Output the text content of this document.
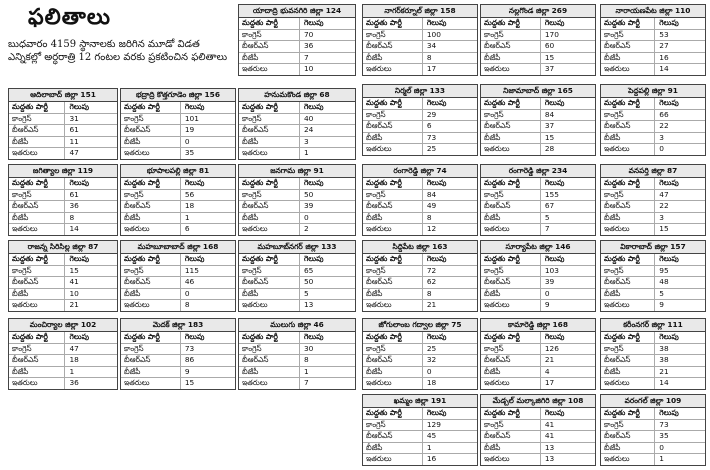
ఫలితాలు
బుధవారం 4159 స్థానాలకు జరిగిన మూడో విడత ఎన్నికల్లో అర్ధరాత్రి 12 గంటల వరకు ప్రకటించిన ఫలితాలు
యాదాద్రి భువనగిరి జిల్లా 124
మద్దతు పార్టీ	గెలుపు
కాంగ్రెస్	70
బీఆర్ఎస్	36
బీజేపీ	7
ఇతరులు	10
నాగర్‌కర్నూల్ జిల్లా 158
మద్దతు పార్టీ	గెలుపు
కాంగ్రెస్	100
బీఆర్ఎస్	34
బీజేపీ	8
ఇతరులు	17
నల్లగొండ జిల్లా 269
మద్దతు పార్టీ	గెలుపు
కాంగ్రెస్	170
బీఆర్ఎస్	60
బీజేపీ	15
ఇతరులు	37
నారాయణపేట జిల్లా 110
మద్దతు పార్టీ	గెలుపు
కాంగ్రెస్	53
బీఆర్ఎస్	27
బీజేపీ	16
ఇతరులు	14
ఆదిలాబాద్ జిల్లా 151
మద్దతు పార్టీ	గెలుపు
కాంగ్రెస్	31
బీఆర్ఎస్	61
బీజేపీ	11
ఇతరులు	47
భద్రాద్రి కొత్తగూడెం జిల్లా 156
మద్దతు పార్టీ	గెలుపు
కాంగ్రెస్	101
బీఆర్ఎస్	19
బీజేపీ	0
ఇతరులు	35
హనుమకొండ జిల్లా 68
మద్దతు పార్టీ	గెలుపు
కాంగ్రెస్	40
బీఆర్ఎస్	24
బీజేపీ	3
ఇతరులు	1
నిర్మల్ జిల్లా 133
మద్దతు పార్టీ	గెలుపు
కాంగ్రెస్	29
బీఆర్ఎస్	6
బీజేపీ	73
ఇతరులు	25
నిజామాబాద్ జిల్లా 165
మద్దతు పార్టీ	గెలుపు
కాంగ్రెస్	84
బీఆర్ఎస్	37
బీజేపీ	15
ఇతరులు	28
పెద్దపల్లి జిల్లా 91
మద్దతు పార్టీ	గెలుపు
కాంగ్రెస్	66
బీఆర్ఎస్	22
బీజేపీ	3
ఇతరులు	0
జగిత్యాల జిల్లా 119
మద్దతు పార్టీ	గెలుపు
కాంగ్రెస్	61
బీఆర్ఎస్	36
బీజేపీ	8
ఇతరులు	14
భూపాలపల్లి జిల్లా 81
మద్దతు పార్టీ	గెలుపు
కాంగ్రెస్	56
బీఆర్ఎస్	18
బీజేపీ	1
ఇతరులు	6
జనగామ జిల్లా 91
మద్దతు పార్టీ	గెలుపు
కాంగ్రెస్	50
బీఆర్ఎస్	39
బీజేపీ	0
ఇతరులు	2
రంగారెడ్డి జిల్లా 74
మద్దతు పార్టీ	గెలుపు
కాంగ్రెస్	84
బీఆర్ఎస్	49
బీజేపీ	8
ఇతరులు	12
రంగారెడ్డి జిల్లా 234
మద్దతు పార్టీ	గెలుపు
కాంగ్రెస్	155
బీఆర్ఎస్	67
బీజేపీ	5
ఇతరులు	7
వనపర్తి జిల్లా 87
మద్దతు పార్టీ	గెలుపు
కాంగ్రెస్	47
బీఆర్ఎస్	22
బీజేపీ	3
ఇతరులు	15
రాజన్న సిరిసిల్ల జిల్లా 87
మద్దతు పార్టీ	గెలుపు
కాంగ్రెస్	15
బీఆర్ఎస్	41
బీజేపీ	10
ఇతరులు	21
మహబూబాబాద్ జిల్లా 168
మద్దతు పార్టీ	గెలుపు
కాంగ్రెస్	115
బీఆర్ఎస్	46
బీజేపీ	0
ఇతరులు	8
మహబూబ్‌నగర్ జిల్లా 133
మద్దతు పార్టీ	గెలుపు
కాంగ్రెస్	65
బీఆర్ఎస్	50
బీజేపీ	5
ఇతరులు	13
సిద్దిపేట జిల్లా 163
మద్దతు పార్టీ	గెలుపు
కాంగ్రెస్	72
బీఆర్ఎస్	62
బీజేపీ	8
ఇతరులు	21
సూర్యాపేట జిల్లా 146
మద్దతు పార్టీ	గెలుపు
కాంగ్రెస్	103
బీఆర్ఎస్	39
బీజేపీ	0
ఇతరులు	9
వికారాబాద్ జిల్లా 157
మద్దతు పార్టీ	గెలుపు
కాంగ్రెస్	95
బీఆర్ఎస్	48
బీజేపీ	5
ఇతరులు	9
మంచిర్యాల జిల్లా 102
మద్దతు పార్టీ	గెలుపు
కాంగ్రెస్	47
బీఆర్ఎస్	18
బీజేపీ	1
ఇతరులు	36
మెదక్ జిల్లా 183
మద్దతు పార్టీ	గెలుపు
కాంగ్రెస్	73
బీఆర్ఎస్	86
బీజేపీ	9
ఇతరులు	15
ములుగు జిల్లా 46
మద్దతు పార్టీ	గెలుపు
కాంగ్రెస్	30
బీఆర్ఎస్	8
బీజేపీ	1
ఇతరులు	7
జోగులాంబ గద్వాల జిల్లా 75
మద్దతు పార్టీ	గెలుపు
కాంగ్రెస్	25
బీఆర్ఎస్	32
బీజేపీ	0
ఇతరులు	18
కామారెడ్డి జిల్లా 168
మద్దతు పార్టీ	గెలుపు
కాంగ్రెస్	126
బీఆర్ఎస్	21
బీజేపీ	4
ఇతరులు	17
కరీంనగర్ జిల్లా 111
మద్దతు పార్టీ	గెలుపు
కాంగ్రెస్	38
బీఆర్ఎస్	38
బీజేపీ	21
ఇతరులు	14
ఖమ్మం జిల్లా 191
మద్దతు పార్టీ	గెలుపు
కాంగ్రెస్	129
బీఆర్ఎస్	45
బీజేపీ	1
ఇతరులు	16
మేడ్చల్ మల్కాజిగిరి జిల్లా 108
మద్దతు పార్టీ	గెలుపు
కాంగ్రెస్	41
బీఆర్ఎస్	41
బీజేపీ	13
ఇతరులు	13
వరంగల్ జిల్లా 109
మద్దతు పార్టీ	గెలుపు
కాంగ్రెస్	73
బీఆర్ఎస్	35
బీజేపీ	0
ఇతరులు	1
